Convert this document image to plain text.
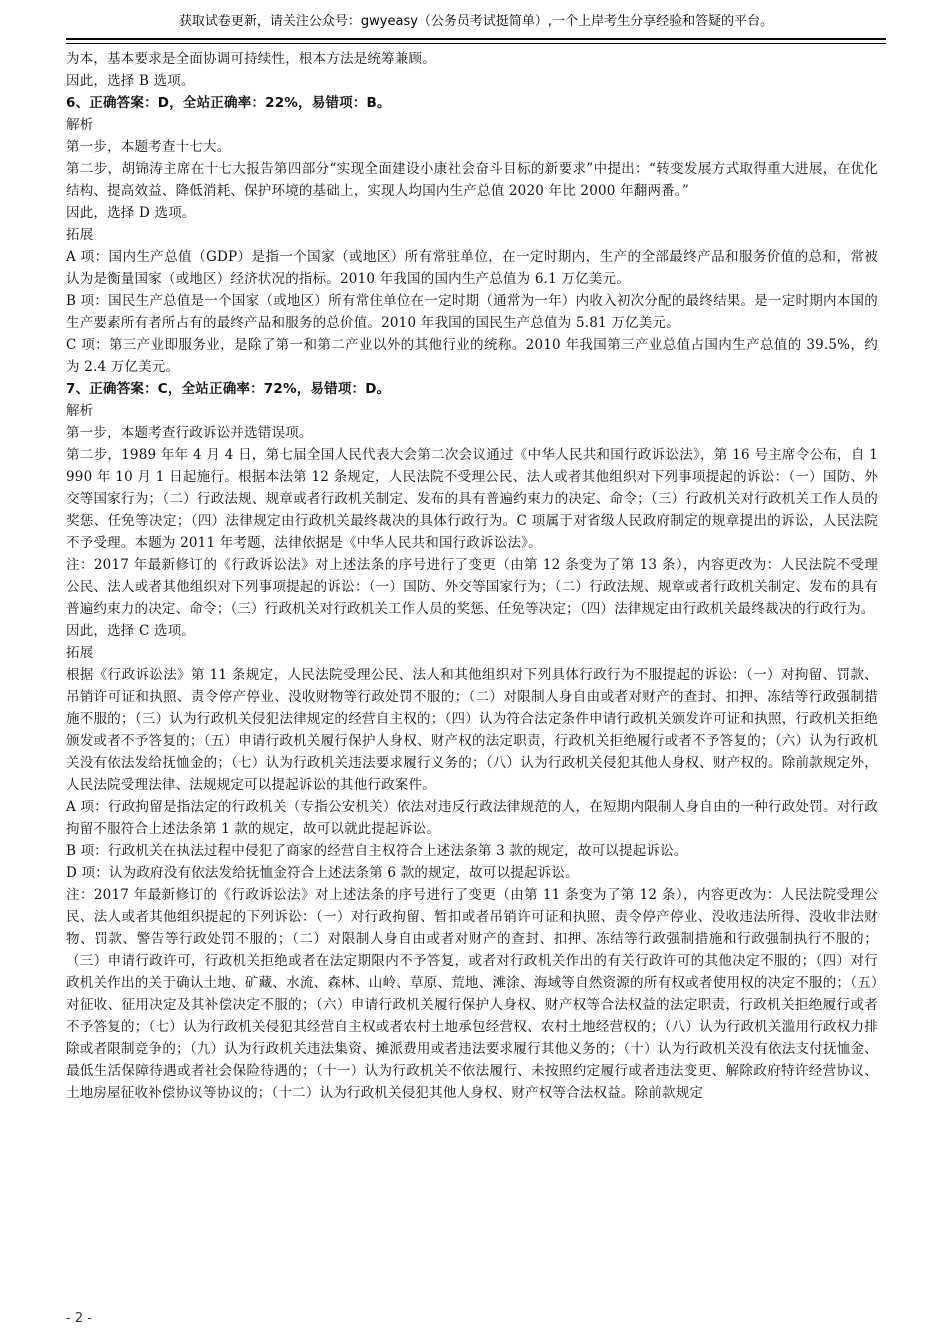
获取试卷更新，请关注公众号：gwyeasy（公务员考试挺简单）,一个上岸考生分享经验和答疑的平台。

为本，基本要求是全面协调可持续性，根本方法是统筹兼顾。

因此，选择 B 选项。

6、正确答案：D，全站正确率：22%，易错项：B。

解析

第一步，本题考查十七大。

第二步，胡锦涛主席在十七大报告第四部分“实现全面建设小康社会奋斗目标的新要求”中提出：“转变发展方式取得重大进展，在优化结构、提高效益、降低消耗、保护环境的基础上，实现人均国内生产总值 2020 年比 2000 年翻两番。”

因此，选择 D 选项。

拓展

A 项：国内生产总值（GDP）是指一个国家（或地区）所有常驻单位，在一定时期内，生产的全部最终产品和服务价值的总和，常被认为是衡量国家（或地区）经济状况的指标。2010 年我国的国内生产总值为 6.1 万亿美元。

B 项：国民生产总值是一个国家（或地区）所有常住单位在一定时期（通常为一年）内收入初次分配的最终结果。是一定时期内本国的生产要素所有者所占有的最终产品和服务的总价值。2010 年我国的国民生产总值为 5.81 万亿美元。

C 项：第三产业即服务业，是除了第一和第二产业以外的其他行业的统称。2010 年我国第三产业总值占国内生产总值的 39.5%，约为 2.4 万亿美元。

7、正确答案：C，全站正确率：72%，易错项：D。

解析

第一步，本题考查行政诉讼并选错误项。

第二步，1989 年年 4 月 4 日，第七届全国人民代表大会第二次会议通过《中华人民共和国行政诉讼法》，第 16 号主席令公布，自 1990 年 10 月 1 日起施行。根据本法第 12 条规定，人民法院不受理公民、法人或者其他组织对下列事项提起的诉讼：（一）国防、外交等国家行为；（二）行政法规、规章或者行政机关制定、发布的具有普遍约束力的决定、命令；（三）行政机关对行政机关工作人员的奖惩、任免等决定；（四）法律规定由行政机关最终裁决的具体行政行为。C 项属于对省级人民政府制定的规章提出的诉讼，人民法院不予受理。本题为 2011 年考题，法律依据是《中华人民共和国行政诉讼法》。

注：2017 年最新修订的《行政诉讼法》对上述法条的序号进行了变更（由第 12 条变为了第 13 条），内容更改为：人民法院不受理公民、法人或者其他组织对下列事项提起的诉讼：（一）国防、外交等国家行为；（二）行政法规、规章或者行政机关制定、发布的具有普遍约束力的决定、命令；（三）行政机关对行政机关工作人员的奖惩、任免等决定；（四）法律规定由行政机关最终裁决的行政行为。

因此，选择 C 选项。

拓展

根据《行政诉讼法》第 11 条规定，人民法院受理公民、法人和其他组织对下列具体行政行为不服提起的诉讼：（一）对拘留、罚款、吊销许可证和执照、责令停产停业、没收财物等行政处罚不服的；（二）对限制人身自由或者对财产的查封、扣押、冻结等行政强制措施不服的；（三）认为行政机关侵犯法律规定的经营自主权的；（四）认为符合法定条件申请行政机关颁发许可证和执照，行政机关拒绝颁发或者不予答复的；（五）申请行政机关履行保护人身权、财产权的法定职责，行政机关拒绝履行或者不予答复的；（六）认为行政机关没有依法发给抚恤金的；（七）认为行政机关违法要求履行义务的；（八）认为行政机关侵犯其他人身权、财产权的。除前款规定外，人民法院受理法律、法规规定可以提起诉讼的其他行政案件。

A 项：行政拘留是指法定的行政机关（专指公安机关）依法对违反行政法律规范的人，在短期内限制人身自由的一种行政处罚。对行政拘留不服符合上述法条第 1 款的规定，故可以就此提起诉讼。

B 项：行政机关在执法过程中侵犯了商家的经营自主权符合上述法条第 3 款的规定，故可以提起诉讼。

D 项：认为政府没有依法发给抚恤金符合上述法条第 6 款的规定，故可以提起诉讼。

注：2017 年最新修订的《行政诉讼法》对上述法条的序号进行了变更（由第 11 条变为了第 12 条），内容更改为：人民法院受理公民、法人或者其他组织提起的下列诉讼：（一）对行政拘留、暂扣或者吊销许可证和执照、责令停产停业、没收违法所得、没收非法财物、罚款、警告等行政处罚不服的；（二）对限制人身自由或者对财产的查封、扣押、冻结等行政强制措施和行政强制执行不服的；（三）申请行政许可，行政机关拒绝或者在法定期限内不予答复，或者对行政机关作出的有关行政许可的其他决定不服的；（四）对行政机关作出的关于确认土地、矿藏、水流、森林、山岭、草原、荒地、滩涂、海域等自然资源的所有权或者使用权的决定不服的；（五）对征收、征用决定及其补偿决定不服的；（六）申请行政机关履行保护人身权、财产权等合法权益的法定职责，行政机关拒绝履行或者不予答复的；（七）认为行政机关侵犯其经营自主权或者农村土地承包经营权、农村土地经营权的；（八）认为行政机关滥用行政权力排除或者限制竞争的；（九）认为行政机关违法集资、摊派费用或者违法要求履行其他义务的；（十）认为行政机关没有依法支付抚恤金、最低生活保障待遇或者社会保险待遇的；（十一）认为行政机关不依法履行、未按照约定履行或者违法变更、解除政府特许经营协议、土地房屋征收补偿协议等协议的；（十二）认为行政机关侵犯其他人身权、财产权等合法权益。除前款规定

- 2 -
